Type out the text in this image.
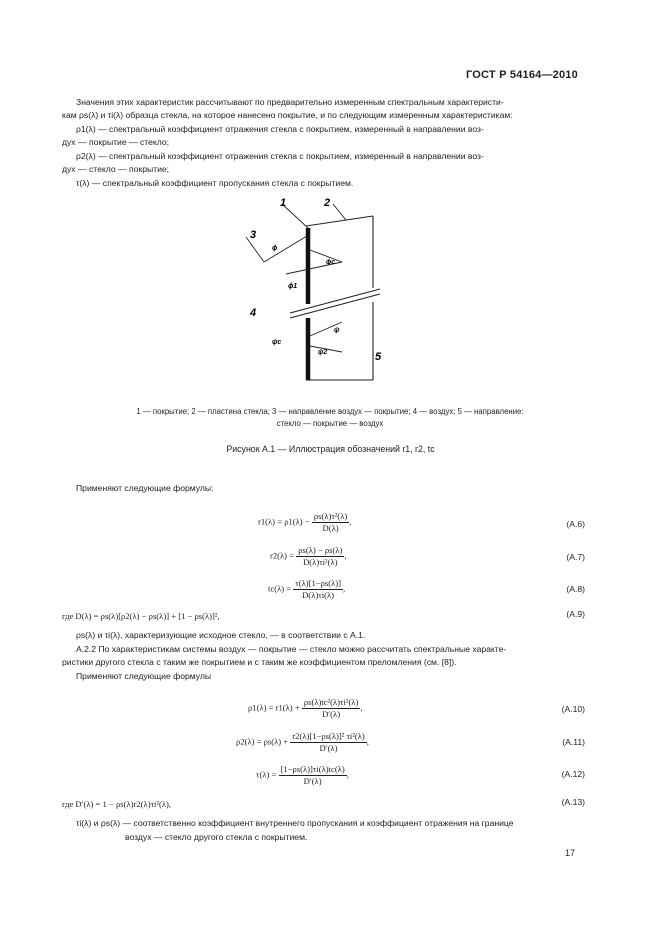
ГОСТ Р 54164—2010
Значения этих характеристик рассчитывают по предварительно измеренным спектральным характеристи-
кам ρs(λ) и τi(λ) образца стекла, на которое нанесено покрытие, и по следующим измеренным характеристикам:
ρ1(λ) — спектральный коэффициент отражения стекла с покрытием, измеренный в направлении воз-
дух — покрытие — стекло;
ρ2(λ) — спектральный коэффициент отражения стекла с покрытием, измеренный в направлении воз-
дух — стекло — покрытие;
τ(λ) — спектральный коэффициент пропускания стекла с покрытием.
1	2
3
4
5
ϕ
ϕc
ϕ1
ψ
ψc
ψ2
1 — покрытие; 2 — пластина стекла; 3 — направление воздух — покрытие; 4 — воздух; 5 — направление:
стекло — покрытие — воздух
Рисунок А.1 — Иллюстрация обозначений r1, r2, tc
Применяют следующие формулы:
$r1(\lambda) = \rho 1(\lambda) - \frac{\text{ρs(λ)τ²(λ)}}{D(\lambda)}$ ,	(A.6)
$r2(\lambda) = \frac{\rho s(\lambda) - \rho s(\lambda)}{\text{D(λ)τi²(λ)}}$ ,	(A.7)
$tc(\lambda) = \frac{\tau(\lambda)[1-\rho s(\lambda)]}{D(\lambda)\tau i(\lambda)}$ ,	(A.8)
где D(λ) = ρs(λ)[ρ2(λ) − ρs(λ)] + [1 − ρs(λ)]²,	(A.9)
ρs(λ) и τi(λ), характеризующие исходное стекло, — в соответствии с А.1.
А.2.2 По характеристикам системы воздух — покрытие — стекло можно рассчитать спектральные характе-
ристики другого стекла с таким же покрытием и с таким же коэффициентом преломления (см. [8]).
Применяют следующие формулы
$\rho 1(\lambda) = r1(\lambda) + \frac{\text{ρs(λ)tc²(λ)τi²(λ)}}{D'(\lambda)}$ ,	(A.10)
$\rho 2(\lambda) = \rho s(\lambda) + \frac{\text{r2(λ)[1−ρs(λ)]² τi²(λ)}}{D'(\lambda)}$ ,	(A.11)
$\tau(\lambda) = \frac{[1-\rho s(\lambda)]\tau i(\lambda)tc(\lambda)}{D'(\lambda)}$ ,	(A.12)
где D′(λ) = 1 − ρs(λ)r2(λ)τi²(λ),	(A.13)
τi(λ) и ρs(λ) — соответственно коэффициент внутреннего пропускания и коэффициент отражения на границе
воздух — стекло другого стекла с покрытием.
17
